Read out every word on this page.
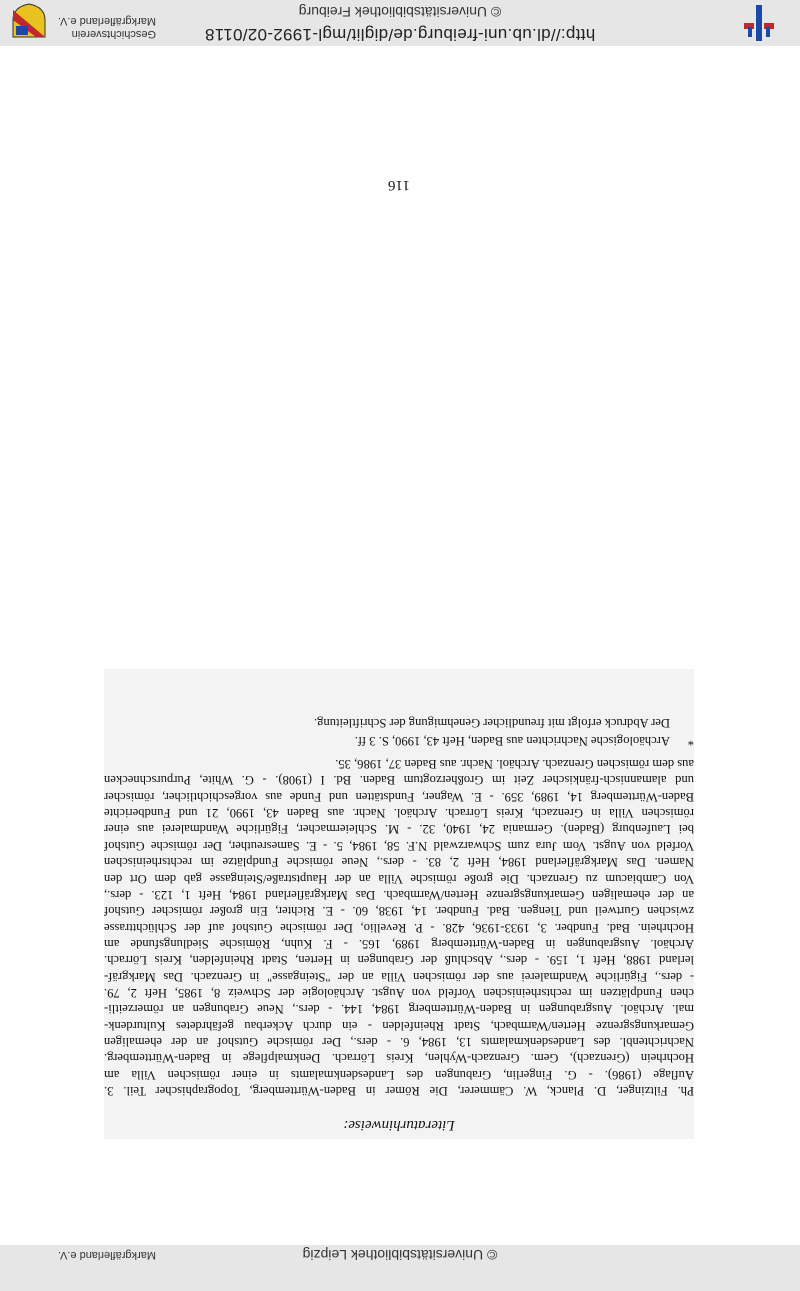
© Universitätsbibliothek Leipzig
Markgräflerland e.V.
Literaturhinweise:
Ph. Filtzinger, D. Planck, W. Cämmerer, Die Römer in Baden-Württemberg, Topographischer Teil. 3.
Auflage (1986). - G. Fingerlin, Grabungen des Landesdenkmalamts in einer römischen Villa am
Hochrhein (Grenzach), Gem. Grenzach-Wyhlen, Kreis Lörrach. Denkmalpflege in Baden-Württemberg.
Nachrichtenbl. des Landesdenkmalamts 13, 1984, 6. - ders., Der römische Gutshof an der ehemaligen
Gemarkungsgrenze Herten/Warmbach, Stadt Rheinfelden - ein durch Ackerbau gefährdetes Kulturdenk-
mal. Archäol. Ausgrabungen in Baden-Württemberg 1984, 144. - ders., Neue Grabungen an römerzeitli-
chen Fundplätzen im rechtsrheinischen Vorfeld von Augst. Archäologie der Schweiz 8, 1985, Heft 2, 79.
- ders., Figürliche Wandmalerei aus der römischen Villa an der "Steingasse" in Grenzach. Das Markgräf-
lerland 1988, Heft 1, 159. - ders., Abschluß der Grabungen in Herten, Stadt Rheinfelden, Kreis Lörrach.
Archäol. Ausgrabungen in Baden-Württemberg 1989, 165. - F. Kuhn, Römische Siedlungsfunde am
Hochrhein. Bad. Fundber. 3, 1933-1936, 428. - P. Revellio, Der römische Gutshof auf der Schlüchttrasse
zwischen Gurtweil und Tiengen. Bad. Fundber. 14, 1938, 60. - E. Richter, Ein großer römischer Gutshof
an der ehemaligen Gemarkungsgrenze Herten/Warmbach. Das Markgräflerland 1984, Heft 1, 123. - ders.,
Von Cambiacum zu Grenzach. Die große römische Villa an der Hauptstraße/Steingasse gab dem Ort den
Namen. Das Markgräflerland 1984, Heft 2, 83. - ders., Neue römische Fundplätze im rechtsrheinischen
Vorfeld von Augst. Vom Jura zum Schwarzwald N.F. 58, 1984, 5. - E. Samesreuther, Der römische Gutshof
bei Laufenburg (Baden). Germania 24, 1940, 32. - M. Schleiermacher, Figürliche Wandmalerei aus einer
römischen Villa in Grenzach, Kreis Lörrach. Archäol. Nachr. aus Baden 43, 1990, 21 und Fundberichte
Baden-Württemberg 14, 1989, 359. - E. Wagner, Fundstätten und Funde aus vorgeschichtlicher, römischer
und alamannisch-fränkischer Zeit im Großherzogtum Baden. Bd. I (1908). - G. White, Purpurschnecken
aus dem römischen Grenzach. Archäol. Nachr. aus Baden 37, 1986, 35.
*
Archäologische Nachrichten aus Baden, Heft 43, 1990, S. 3 ff.
Der Abdruck erfolgt mit freundlicher Genehmigung der Schriftleitung.
116
http://dl.ub.uni-freiburg.de/diglit/mgl-1992-02/0118
© Universitätsbibliothek Freiburg
Geschichtsverein
Markgräflerland e.V.
